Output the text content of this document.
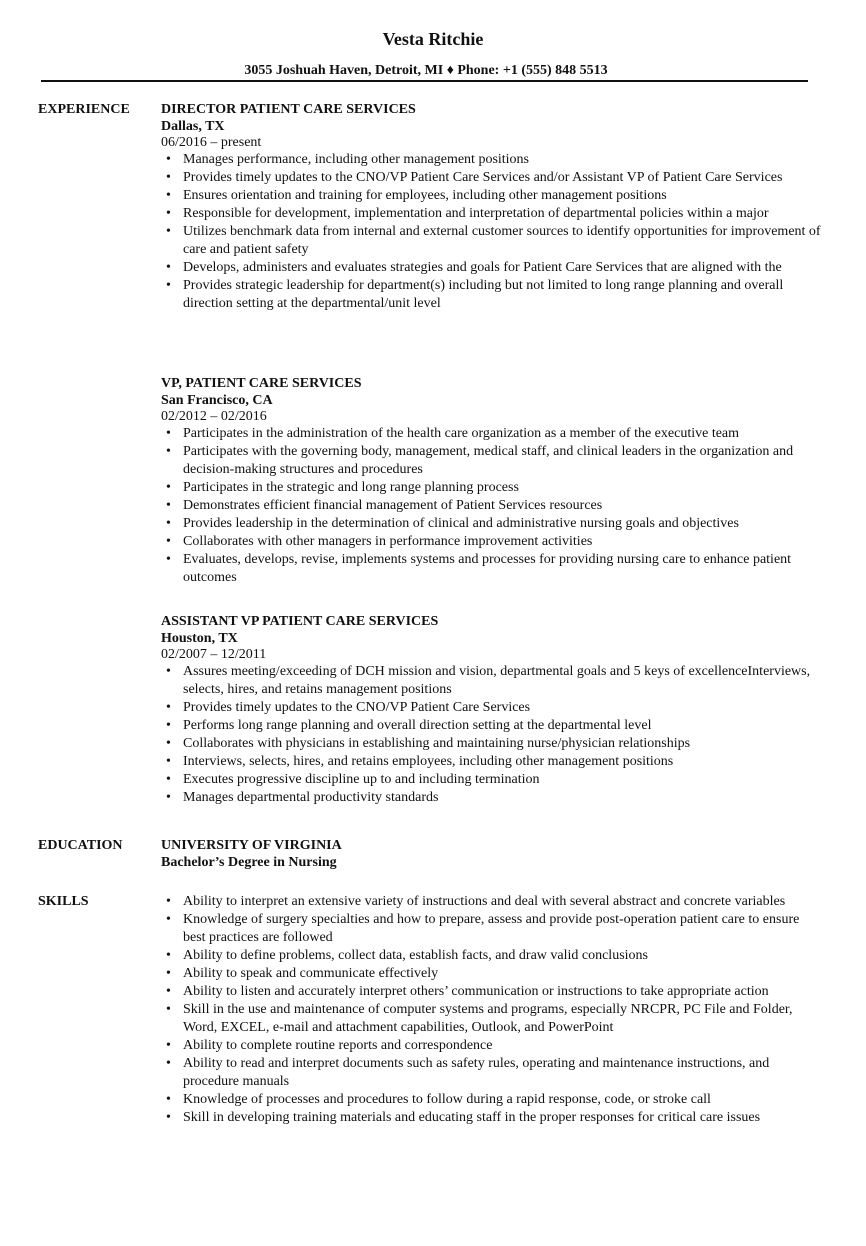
Vesta Ritchie
3055 Joshuah Haven, Detroit, MI ♦ Phone: +1 (555) 848 5513
EXPERIENCE DIRECTOR PATIENT CARE SERVICES
Dallas, TX
06/2016 – present
• Manages performance, including other management positions
• Provides timely updates to the CNO/VP Patient Care Services and/or Assistant VP of Patient Care Services
• Ensures orientation and training for employees, including other management positions
• Responsible for development, implementation and interpretation of departmental policies within a major
• Utilizes benchmark data from internal and external customer sources to identify opportunities for improvement of care and patient safety
• Develops, administers and evaluates strategies and goals for Patient Care Services that are aligned with the
• Provides strategic leadership for department(s) including but not limited to long range planning and overall direction setting at the departmental/unit level
VP, PATIENT CARE SERVICES
San Francisco, CA
02/2012 – 02/2016
• Participates in the administration of the health care organization as a member of the executive team
• Participates with the governing body, management, medical staff, and clinical leaders in the organization and decision-making structures and procedures
• Participates in the strategic and long range planning process
• Demonstrates efficient financial management of Patient Services resources
• Provides leadership in the determination of clinical and administrative nursing goals and objectives
• Collaborates with other managers in performance improvement activities
• Evaluates, develops, revise, implements systems and processes for providing nursing care to enhance patient outcomes
ASSISTANT VP PATIENT CARE SERVICES
Houston, TX
02/2007 – 12/2011
• Assures meeting/exceeding of DCH mission and vision, departmental goals and 5 keys of excellenceInterviews, selects, hires, and retains management positions
• Provides timely updates to the CNO/VP Patient Care Services
• Performs long range planning and overall direction setting at the departmental level
• Collaborates with physicians in establishing and maintaining nurse/physician relationships
• Interviews, selects, hires, and retains employees, including other management positions
• Executes progressive discipline up to and including termination
• Manages departmental productivity standards
EDUCATION	UNIVERSITY OF VIRGINIA
Bachelor’s Degree in Nursing
SKILLS
•	Ability to interpret an extensive variety of instructions and deal with several abstract and concrete variables
• Knowledge of surgery specialties and how to prepare, assess and provide post-operation patient care to ensure best practices are followed
• Ability to define problems, collect data, establish facts, and draw valid conclusions
• Ability to speak and communicate effectively
• Ability to listen and accurately interpret others’ communication or instructions to take appropriate action
• Skill in the use and maintenance of computer systems and programs, especially NRCPR, PC File and Folder, Word, EXCEL, e-mail and attachment capabilities, Outlook, and PowerPoint
• Ability to complete routine reports and correspondence
• Ability to read and interpret documents such as safety rules, operating and maintenance instructions, and procedure manuals
• Knowledge of processes and procedures to follow during a rapid response, code, or stroke call
• Skill in developing training materials and educating staff in the proper responses for critical care issues
